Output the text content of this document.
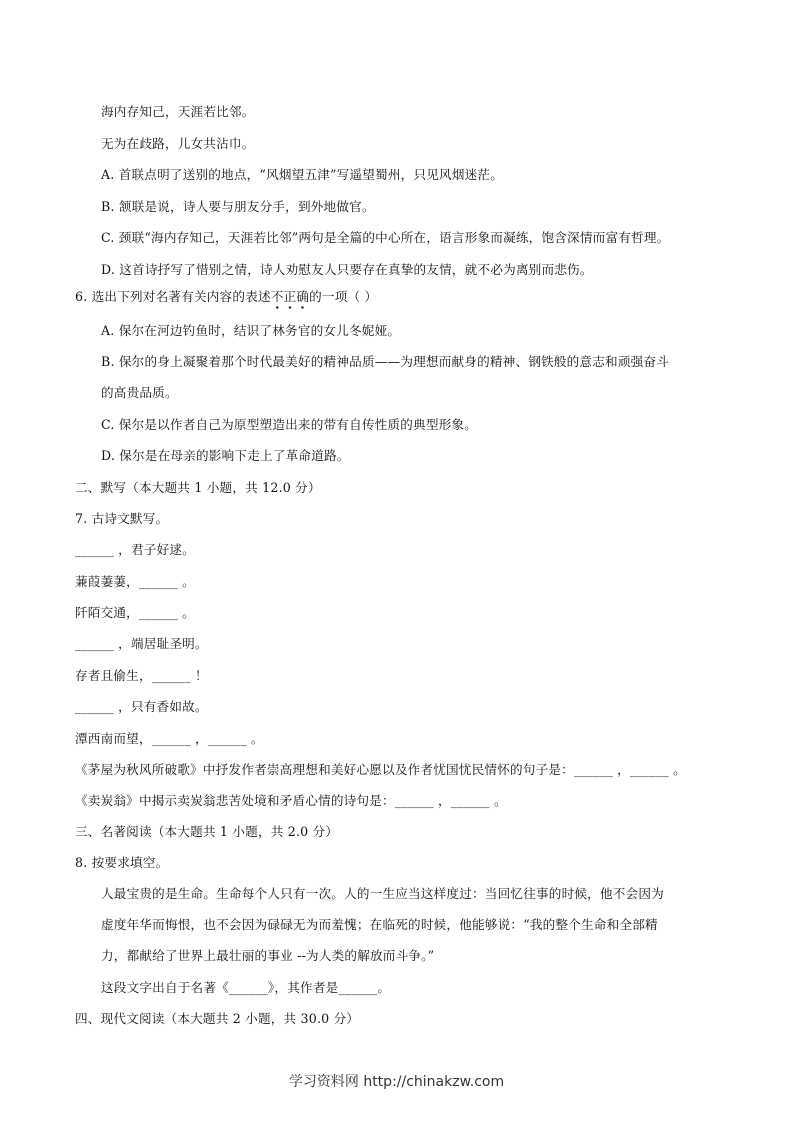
海内存知己，天涯若比邻。
无为在歧路，儿女共沾巾。
A. 首联点明了送别的地点，“风烟望五津”写遥望蜀州，只见风烟迷茫。
B. 颔联是说，诗人要与朋友分手，到外地做官。
C. 颈联“海内存知己，天涯若比邻”两句是全篇的中心所在，语言形象而凝练，饱含深情而富有哲理。
D. 这首诗抒写了惜别之情，诗人劝慰友人只要存在真挚的友情，就不必为离别而悲伤。
6. 选出下列对名著有关内容的表述不正确的一项（ ）
A. 保尔在河边钓鱼时，结识了林务官的女儿冬妮娅。
B. 保尔的身上凝聚着那个时代最美好的精神品质——为理想而献身的精神、钢铁般的意志和顽强奋斗
的高贵品质。
C. 保尔是以作者自己为原型塑造出来的带有自传性质的典型形象。
D. 保尔是在母亲的影响下走上了革命道路。
二、默写（本大题共 1 小题，共 12.0 分）
7. 古诗文默写。
______ ，君子好逑。
蒹葭萋萋，______ 。
阡陌交通，______ 。
______ ，端居耻圣明。
存者且偷生，______ ！
______ ，只有香如故。
潭西南而望，______ ，______ 。
《茅屋为秋风所破歌》中抒发作者崇高理想和美好心愿以及作者忧国忧民情怀的句子是：______ ，______ 。
《卖炭翁》中揭示卖炭翁悲苦处境和矛盾心情的诗句是：______ ，______ 。
三、名著阅读（本大题共 1 小题，共 2.0 分）
8. 按要求填空。
人最宝贵的是生命。生命每个人只有一次。人的一生应当这样度过：当回忆往事的时候，他不会因为
虚度年华而悔恨，也不会因为碌碌无为而羞愧；在临死的时候，他能够说：“我的整个生命和全部精
力，都献给了世界上最壮丽的事业 --为人类的解放而斗争。”
这段文字出自于名著《______》，其作者是______。
四、现代文阅读（本大题共 2 小题，共 30.0 分）
学习资料网 http://chinakzw.com
